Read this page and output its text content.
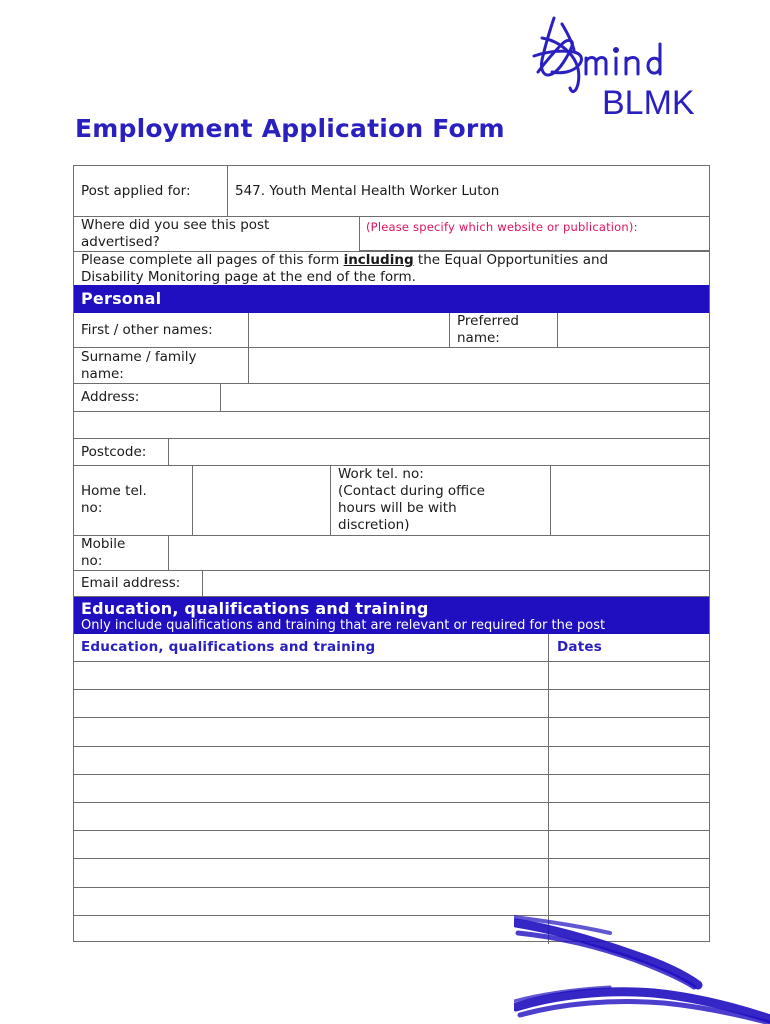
BLMK
Employment Application Form
Post applied for:	547. Youth Mental Health Worker Luton
Where did you see this post
advertised?
(Please specify which website or publication):
Please complete all pages of this form including the Equal Opportunities and
Disability Monitoring page at the end of the form.
Personal
First / other names:
Preferred
name:
Surname / family
name:
Address:
Postcode:
Home tel.
no:
Work tel. no:
(Contact during office
hours will be with
discretion)
Mobile
no:
Email address:
Education, qualifications and training
Only include qualifications and training that are relevant or required for the post
Education, qualifications and training	Dates
